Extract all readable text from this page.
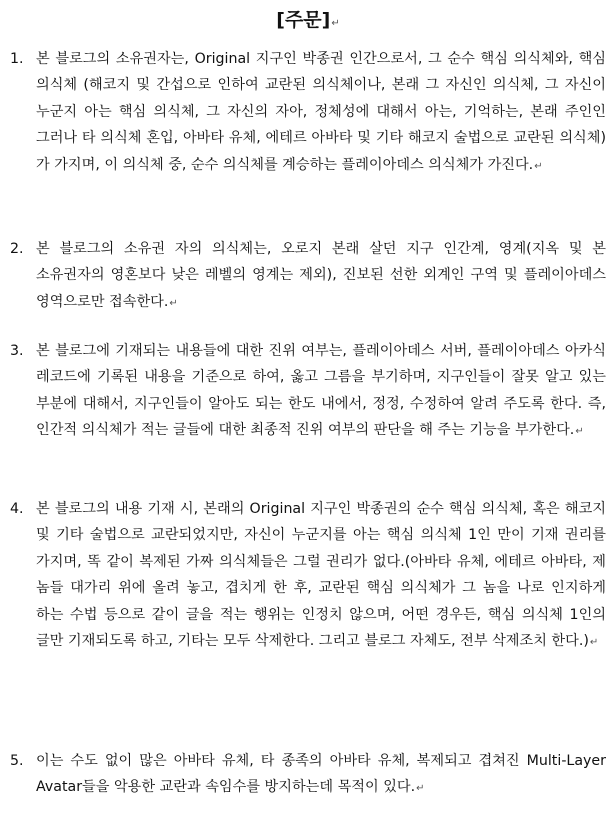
[주문]↵
1. 본 블로그의 소유권자는, Original 지구인 박종권 인간으로서, 그 순수 핵심 의식체와, 핵심 의식체 (해코지 및 간섭으로 인하여 교란된 의식체이나, 본래 그 자신인 의식체, 그 자신이 누군지 아는 핵심 의식체, 그 자신의 자아, 정체성에 대해서 아는, 기억하는, 본래 주인인 그러나 타 의식체 혼입, 아바타 유체, 에테르 아바타 및 기타 해코지 술법으로 교란된 의식체)가 가지며, 이 의식체 중, 순수 의식체를 계승하는 플레이아데스 의식체가 가진다.↵
2. 본 블로그의 소유권 자의 의식체는, 오로지 본래 살던 지구 인간계, 영계(지옥 및 본 소유권자의 영혼보다 낮은 레벨의 영계는 제외), 진보된 선한 외계인 구역 및 플레이아데스 영역으로만 접속한다.↵
3. 본 블로그에 기재되는 내용들에 대한 진위 여부는, 플레이아데스 서버, 플레이아데스 아카식 레코드에 기록된 내용을 기준으로 하여, 옳고 그름을 부기하며, 지구인들이 잘못 알고 있는 부분에 대해서, 지구인들이 알아도 되는 한도 내에서, 정정, 수정하여 알려 주도록 한다. 즉, 인간적 의식체가 적는 글들에 대한 최종적 진위 여부의 판단을 해 주는 기능을 부가한다.↵
4. 본 블로그의 내용 기재 시, 본래의 Original 지구인 박종권의 순수 핵심 의식체, 혹은 해코지 및 기타 술법으로 교란되었지만, 자신이 누군지를 아는 핵심 의식체 1인 만이 기재 권리를 가지며, 똑 같이 복제된 가짜 의식체들은 그럴 권리가 없다.(아바타 유체, 에테르 아바타, 제 놈들 대가리 위에 올려 놓고, 겹치게 한 후, 교란된 핵심 의식체가 그 놈을 나로 인지하게 하는 수법 등으로 같이 글을 적는 행위는 인정치 않으며, 어떤 경우든, 핵심 의식체 1인의 글만 기재되도록 하고, 기타는 모두 삭제한다. 그리고 블로그 자체도, 전부 삭제조치 한다.)↵
5. 이는 수도 없이 많은 아바타 유체, 타 종족의 아바타 유체, 복제되고 겹쳐진 Multi-Layer Avatar들을 악용한 교란과 속임수를 방지하는데 목적이 있다.↵
